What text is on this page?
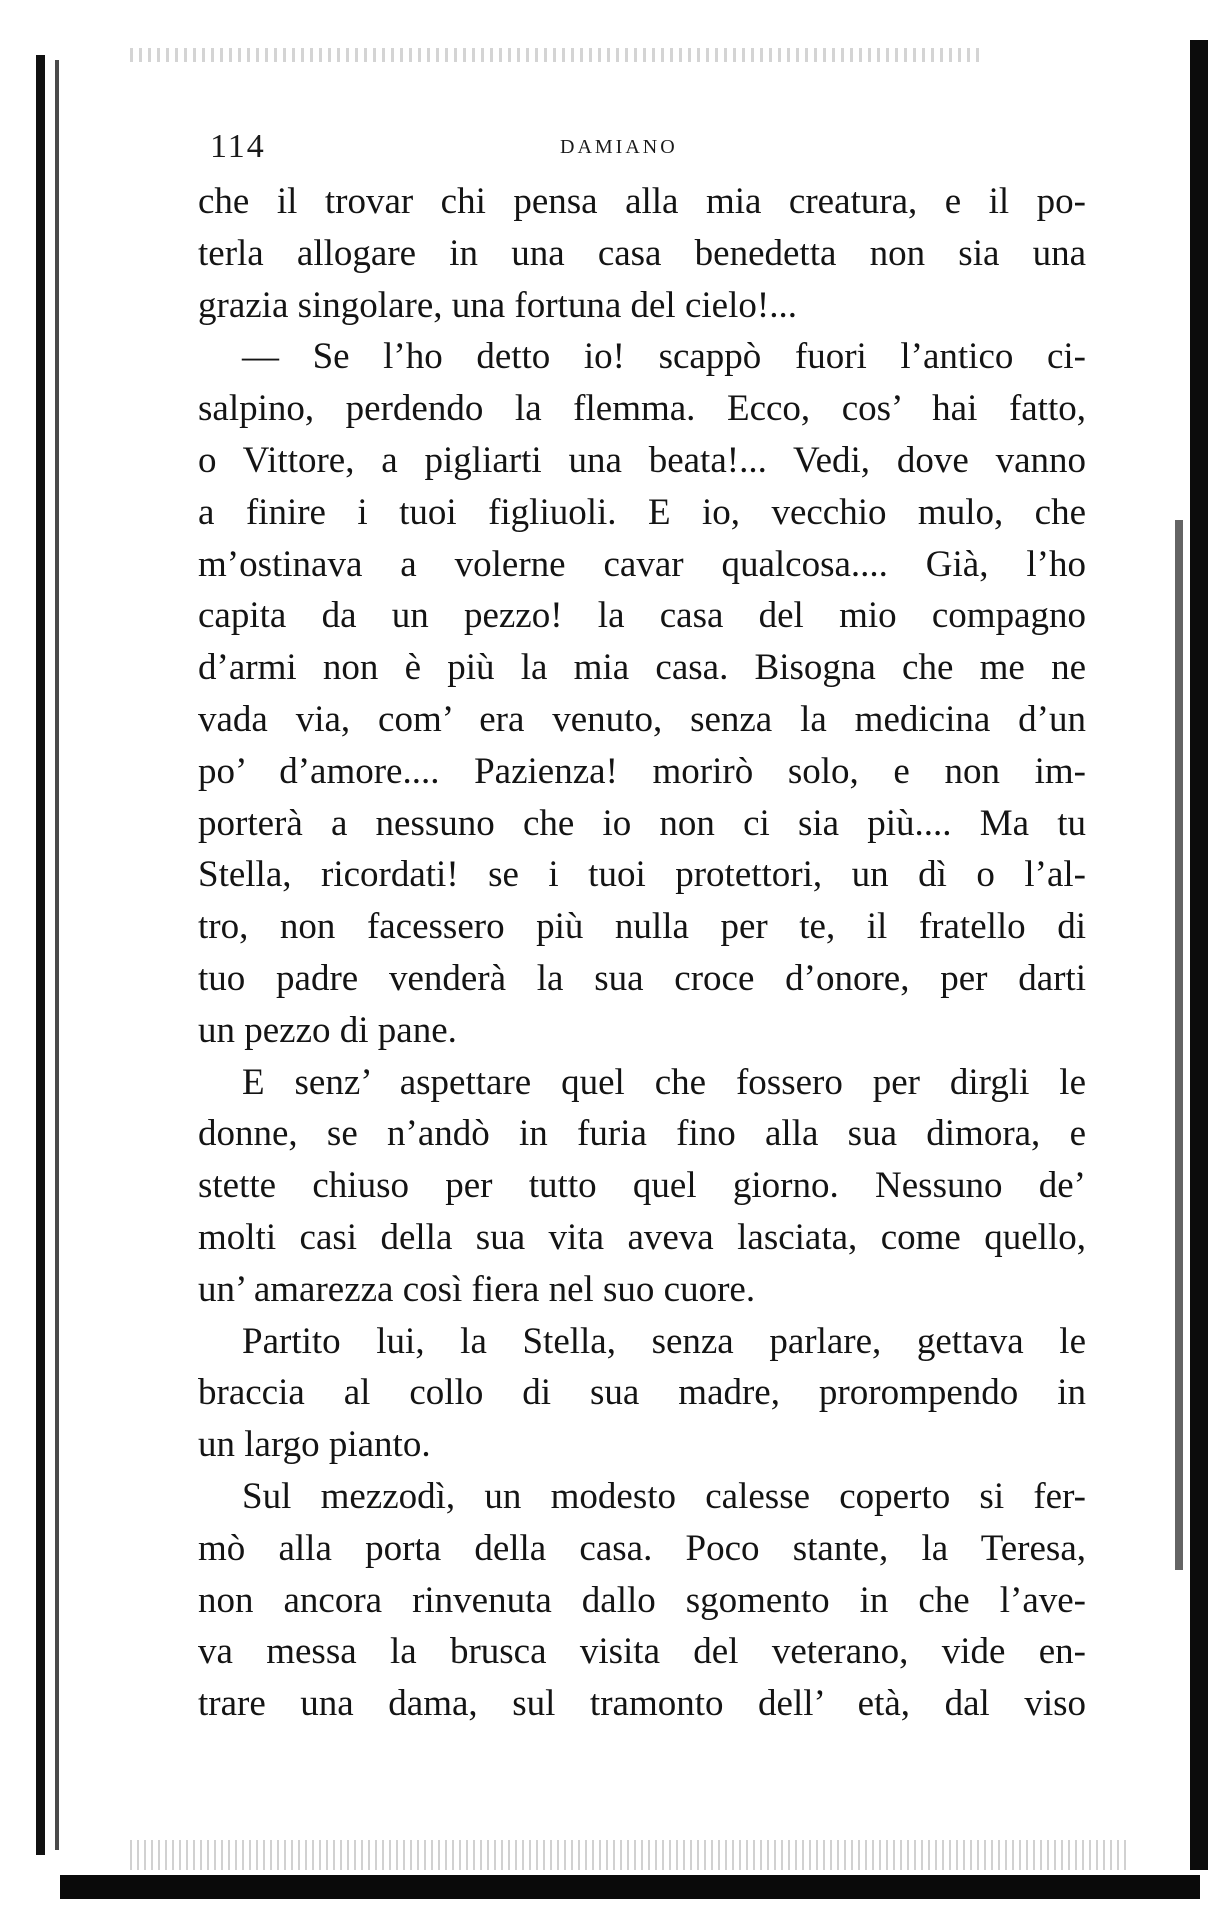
114	DAMIANO
che il trovar chi pensa alla mia creatura, e il po-
terla allogare in una casa benedetta non sia una
grazia singolare, una fortuna del cielo!...
— Se l’ho detto io! scappò fuori l’antico ci-
salpino, perdendo la flemma. Ecco, cos’ hai fatto,
o Vittore, a pigliarti una beata!... Vedi, dove vanno
a finire i tuoi figliuoli. E io, vecchio mulo, che
m’ostinava a volerne cavar qualcosa.... Già, l’ho
capita da un pezzo! la casa del mio compagno
d’armi non è più la mia casa. Bisogna che me ne
vada via, com’ era venuto, senza la medicina d’un
po’ d’amore.... Pazienza! morirò solo, e non im-
porterà a nessuno che io non ci sia più.... Ma tu
Stella, ricordati! se i tuoi protettori, un dì o l’al-
tro, non facessero più nulla per te, il fratello di
tuo padre venderà la sua croce d’onore, per darti
un pezzo di pane.
E senz’ aspettare quel che fossero per dirgli le
donne, se n’andò in furia fino alla sua dimora, e
stette chiuso per tutto quel giorno. Nessuno de’
molti casi della sua vita aveva lasciata, come quello,
un’ amarezza così fiera nel suo cuore.
Partito lui, la Stella, senza parlare, gettava le
braccia al collo di sua madre, prorompendo in
un largo pianto.
Sul mezzodì, un modesto calesse coperto si fer-
mò alla porta della casa. Poco stante, la Teresa,
non ancora rinvenuta dallo sgomento in che l’ave-
va messa la brusca visita del veterano, vide en-
trare una dama, sul tramonto dell’ età, dal viso
